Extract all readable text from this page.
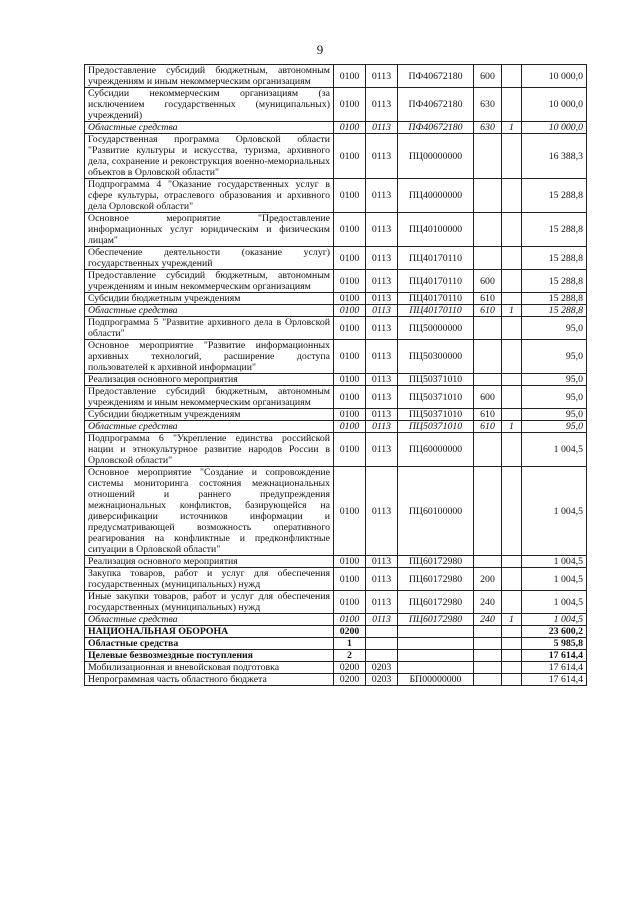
9
Предоставление субсидий бюджетным, автономным учреждениям и иным некоммерческим организациям	0100	0113	ПФ40672180	600		10 000,0
Субсидии некоммерческим организациям (за исключением государственных (муниципальных) учреждений)	0100	0113	ПФ40672180	630		10 000,0
Областные средства	0100	0113	ПФ40672180	630	1	10 000,0
Государственная программа Орловской области "Развитие культуры и искусства, туризма, архивного дела, сохранение и реконструкция военно-мемориальных объектов в Орловской области"	0100	0113	ПЦ00000000			16 388,3
Подпрограмма 4 "Оказание государственных услуг в сфере культуры, отраслевого образования и архивного дела Орловской области"	0100	0113	ПЦ40000000			15 288,8
Основное мероприятие "Предоставление информационных услуг юридическим и физическим лицам"	0100	0113	ПЦ40100000			15 288,8
Обеспечение деятельности (оказание услуг) государственных учреждений	0100	0113	ПЦ40170110			15 288,8
Предоставление субсидий бюджетным, автономным учреждениям и иным некоммерческим организациям	0100	0113	ПЦ40170110	600		15 288,8
Субсидии бюджетным учреждениям	0100	0113	ПЦ40170110	610		15 288,8
Областные средства	0100	0113	ПЦ40170110	610	1	15 288,8
Подпрограмма 5 "Развитие архивного дела в Орловской области"	0100	0113	ПЦ50000000			95,0
Основное мероприятие "Развитие информационных архивных технологий, расширение доступа пользователей к архивной информации"	0100	0113	ПЦ50300000			95,0
Реализация основного мероприятия	0100	0113	ПЦ50371010			95,0
Предоставление субсидий бюджетным, автономным учреждениям и иным некоммерческим организациям	0100	0113	ПЦ50371010	600		95,0
Субсидии бюджетным учреждениям	0100	0113	ПЦ50371010	610		95,0
Областные средства	0100	0113	ПЦ50371010	610	1	95,0
Подпрограмма 6 "Укрепление единства российской нации и этнокультурное развитие народов России в Орловской области"	0100	0113	ПЦ60000000			1 004,5
Основное мероприятие "Создание и сопровождение системы мониторинга состояния межнациональных отношений и раннего предупреждения межнациональных конфликтов, базирующейся на диверсификации источников информации и предусматривающей возможность оперативного реагирования на конфликтные и предконфликтные ситуации в Орловской области"	0100	0113	ПЦ60100000			1 004,5
Реализация основного мероприятия	0100	0113	ПЦ60172980			1 004,5
Закупка товаров, работ и услуг для обеспечения государственных (муниципальных) нужд	0100	0113	ПЦ60172980	200		1 004,5
Иные закупки товаров, работ и услуг для обеспечения государственных (муниципальных) нужд	0100	0113	ПЦ60172980	240		1 004,5
Областные средства	0100	0113	ПЦ60172980	240	1	1 004,5
НАЦИОНАЛЬНАЯ ОБОРОНА	0200					23 600,2
Областные средства	1					5 985,8
Целевые безвозмездные поступления	2					17 614,4
Мобилизационная и вневойсковая подготовка	0200	0203				17 614,4
Непрограммная часть областного бюджета	0200	0203	БП00000000			17 614,4
